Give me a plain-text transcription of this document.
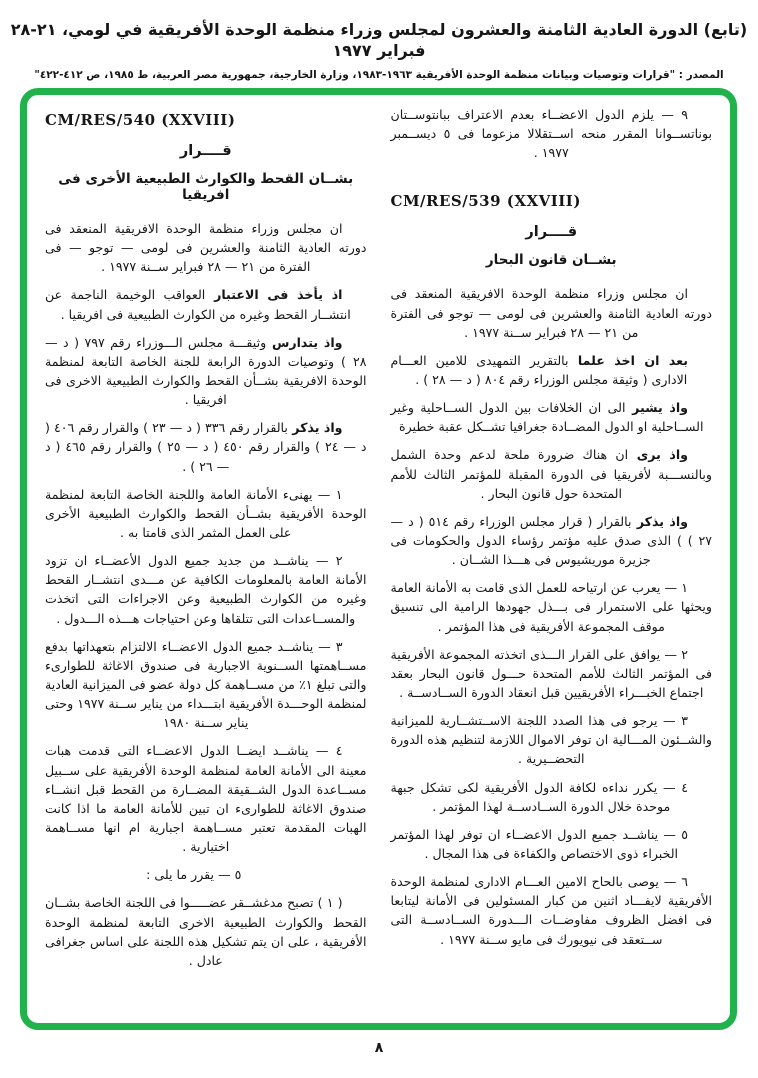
(تابع) الدورة العادية الثامنة والعشرون لمجلس وزراء منظمة الوحدة الأفريقية في لومي، ٢١-٢٨ فبراير ١٩٧٧
المصدر : "قرارات وتوصيات وبيانات منظمة الوحدة الأفريقية ١٩٦٣-١٩٨٣، وزارة الخارجية، جمهورية مصر العربية، ط ١٩٨٥، ص ٤١٢-٤٢٢"

٩ — يلزم الدول الاعضــاء بعدم الاعتراف ببانتوســتان بوناتســوانا المقرر منحه اســتقلالا مزعوما فى ٥ ديســمبر ١٩٧٧ .

CM/RES/539 (XXVIII)
قــــرار
بشــان قانون البحار

ان مجلس وزراء منظمة الوحدة الافريقية المنعقد فى دورته العادية الثامنة والعشرين فى لومى — توجو فى الفترة من ٢١ — ٢٨ فبراير ســنة ١٩٧٧ .

بعد ان اخذ علما بالتقرير التمهيدى للامين العـــام الادارى ( وثيقة مجلس الوزراء رقم ٨٠٤ ( د — ٢٨ ) .

واذ يشير الى ان الخلافات بين الدول الســاحلية وغير الســاحلية او الدول المضــادة جغرافيا تشــكل عقبة خطيرة

واذ يرى ان هناك ضرورة ملحة لدعم وحدة الشمل وبالنســـبة لأفريقيا فى الدورة المقبلة للمؤتمر الثالث للأمم المتحدة حول قانون البحار .

واذ يذكر بالقرار ( قرار مجلس الوزراء رقم ٥١٤ ( د — ٢٧ ) ) الذى صدق عليه مؤتمر رؤساء الدول والحكومات فى جزيرة موريشيوس فى هـــذا الشــان .

١ — يعرب عن ارتياحه للعمل الذى قامت به الأمانة العامة ويحثها على الاستمرار فى بـــذل جهودها الرامية الى تنسيق موقف المجموعة الأفريقية فى هذا المؤتمر .

٢ — يوافق على القرار الـــذى اتخذته المجموعة الأفريقية فى المؤتمر الثالث للأمم المتحدة حـــول قانون البحار بعقد اجتماع الخبـــراء الأفريقيين قبل انعقاد الدورة الســادســة .

٣ — يرجو فى هذا الصدد اللجنة الاســتشــارية للميزانية والشــئون المـــالية ان توفر الاموال اللازمة لتنظيم هذه الدورة التحضــيرية .

٤ — يكرر نداءه لكافة الدول الأفريقية لكى تشكل جبهة موحدة خلال الدورة الســادســة لهذا المؤتمر .

٥ — يناشــد جميع الدول الاعضــاء ان توفر لهذا المؤتمر الخبراء ذوى الاختصاص والكفاءة فى هذا المجال .

٦ — يوصى بالحاح الامين العـــام الادارى لمنظمة الوحدة الأفريقية لايفـــاد اثنين من كبار المسئولين فى الأمانة ليتابعا فى افضل الظروف مفاوضــات الـــدورة الســادســة التى ســتعقد فى نيويورك فى مايو ســنة ١٩٧٧ .

CM/RES/540 (XXVIII)
قــــرار
بشــان القحط والكوارث الطبيعية الأخرى فى افريقيا

ان مجلس وزراء منظمة الوحدة الافريقية المنعقد فى دورته العادية الثامنة والعشرين فى لومى — توجو — فى الفترة من ٢١ — ٢٨ فبراير ســنة ١٩٧٧ .

اذ يأخذ فى الاعتبار العواقب الوخيمة الناجمة عن انتشــار القحط وغيره من الكوارث الطبيعية فى افريقيا .

واذ يتدارس وثيقـــة مجلس الـــوزراء رقم ٧٩٧ ( د — ٢٨ ) وتوصيات الدورة الرابعة للجنة الخاصة التابعة لمنظمة الوحدة الافريقية بشــأن القحط والكوارث الطبيعية الاخرى فى افريقيا .

واذ يذكر بالقرار رقم ٣٣٦ ( د — ٢٣ ) والقرار رقم ٤٠٦ ( د — ٢٤ ) والقرار رقم ٤٥٠ ( د — ٢٥ ) والقرار رقم ٤٦٥ ( د — ٢٦ ) .

١ — يهنىء الأمانة العامة واللجنة الخاصة التابعة لمنظمة الوحدة الأفريقية بشــأن القحط والكوارث الطبيعية الأخرى على العمل المثمر الذى قامتا به .

٢ — يناشــد من جديد جميع الدول الأعضــاء ان تزود الأمانة العامة بالمعلومات الكافية عن مـــدى انتشــار القحط وغيره من الكوارث الطبيعية وعن الاجراءات التى اتخذت والمســاعدات التى تتلقاها وعن احتياجات هـــذه الـــدول .

٣ — يناشــد جميع الدول الاعضــاء الالتزام بتعهداتها بدفع مســاهمتها الســنوية الاجبارية فى صندوق الاغاثة للطوارىء والتى تبلغ ١٪ من مســاهمة كل دولة عضو فى الميزانية العادية لمنظمة الوحـــدة الأفريقية ابتـــداء من يناير ســنة ١٩٧٧ وحتى يناير ســنة ١٩٨٠

٤ — يناشــد ايضــا الدول الاعضــاء التى قدمت هبات معينة الى الأمانة العامة لمنظمة الوحدة الأفريقية على ســبيل مســاعدة الدول الشــقيقة المضــارة من القحط قبل انشــاء صندوق الاغاثة للطوارىء ان تبين للأمانة العامة ما اذا كانت الهبات المقدمة تعتبر مســاهمة اجبارية ام انها مســاهمة اختيارية .

٥ — يقرر ما يلى :

( ١ ) تصبح مدغشــقر عضـــــوا فى اللجنة الخاصة بشــان القحط والكوارث الطبيعية الاخرى التابعة لمنظمة الوحدة الأفريقية ، على ان يتم تشكيل هذه اللجنة على اساس جغرافى عادل .

٨
